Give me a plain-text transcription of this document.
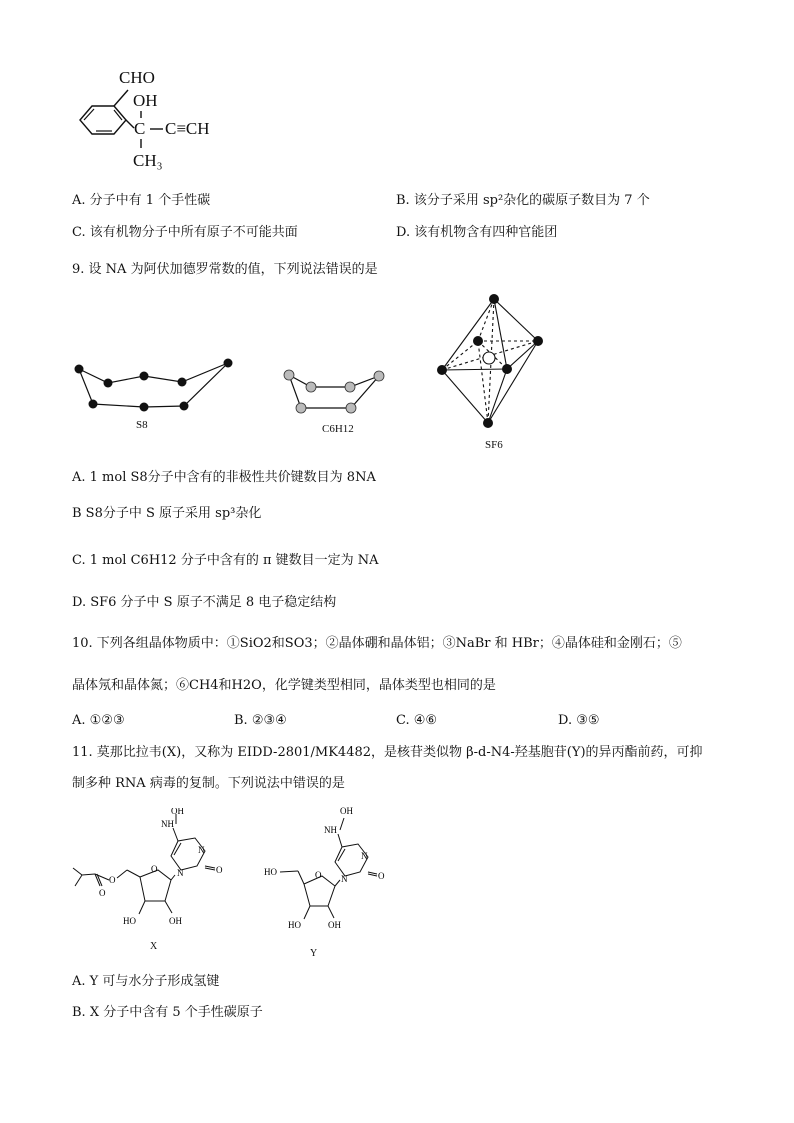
CHO
OH
C C≡CH
CH₃
A. 分子中有 1 个手性碳	B. 该分子采用 sp²杂化的碳原子数目为 7 个
C. 该有机物分子中所有原子不可能共面	D. 该有机物含有四种官能团
9. 设 NA 为阿伏加德罗常数的值，下列说法错误的是
S8	C6H12
SF6
A. 1 mol S8分子中含有的非极性共价键数目为 8NA
B S8分子中 S 原子采用 sp³杂化
C. 1 mol C6H12 分子中含有的 π 键数目一定为 NA
D. SF6 分子中 S 原子不满足 8 电子稳定结构
10. 下列各组晶体物质中：①SiO2和SO3；②晶体硼和晶体铝；③NaBr 和 HBr；④晶体硅和金刚石；⑤
晶体氖和晶体氮；⑥CH4和H2O，化学键类型相同，晶体类型也相同的是
A. ①②③	B. ②③④	C. ④⑥	D. ③⑤
11. 莫那比拉韦(X)，又称为 EIDD-2801/MK4482，是核苷类似物 β-d-N4-羟基胞苷(Y)的异丙酯前药，可抑
制多种 RNA 病毒的复制。下列说法中错误的是
O
O
O
N
N
O
NH
OH
HO	OH
X
O N
N
O
NH
OH
HO
HO	OH
Y
A. Y 可与水分子形成氢键
B. X 分子中含有 5 个手性碳原子
